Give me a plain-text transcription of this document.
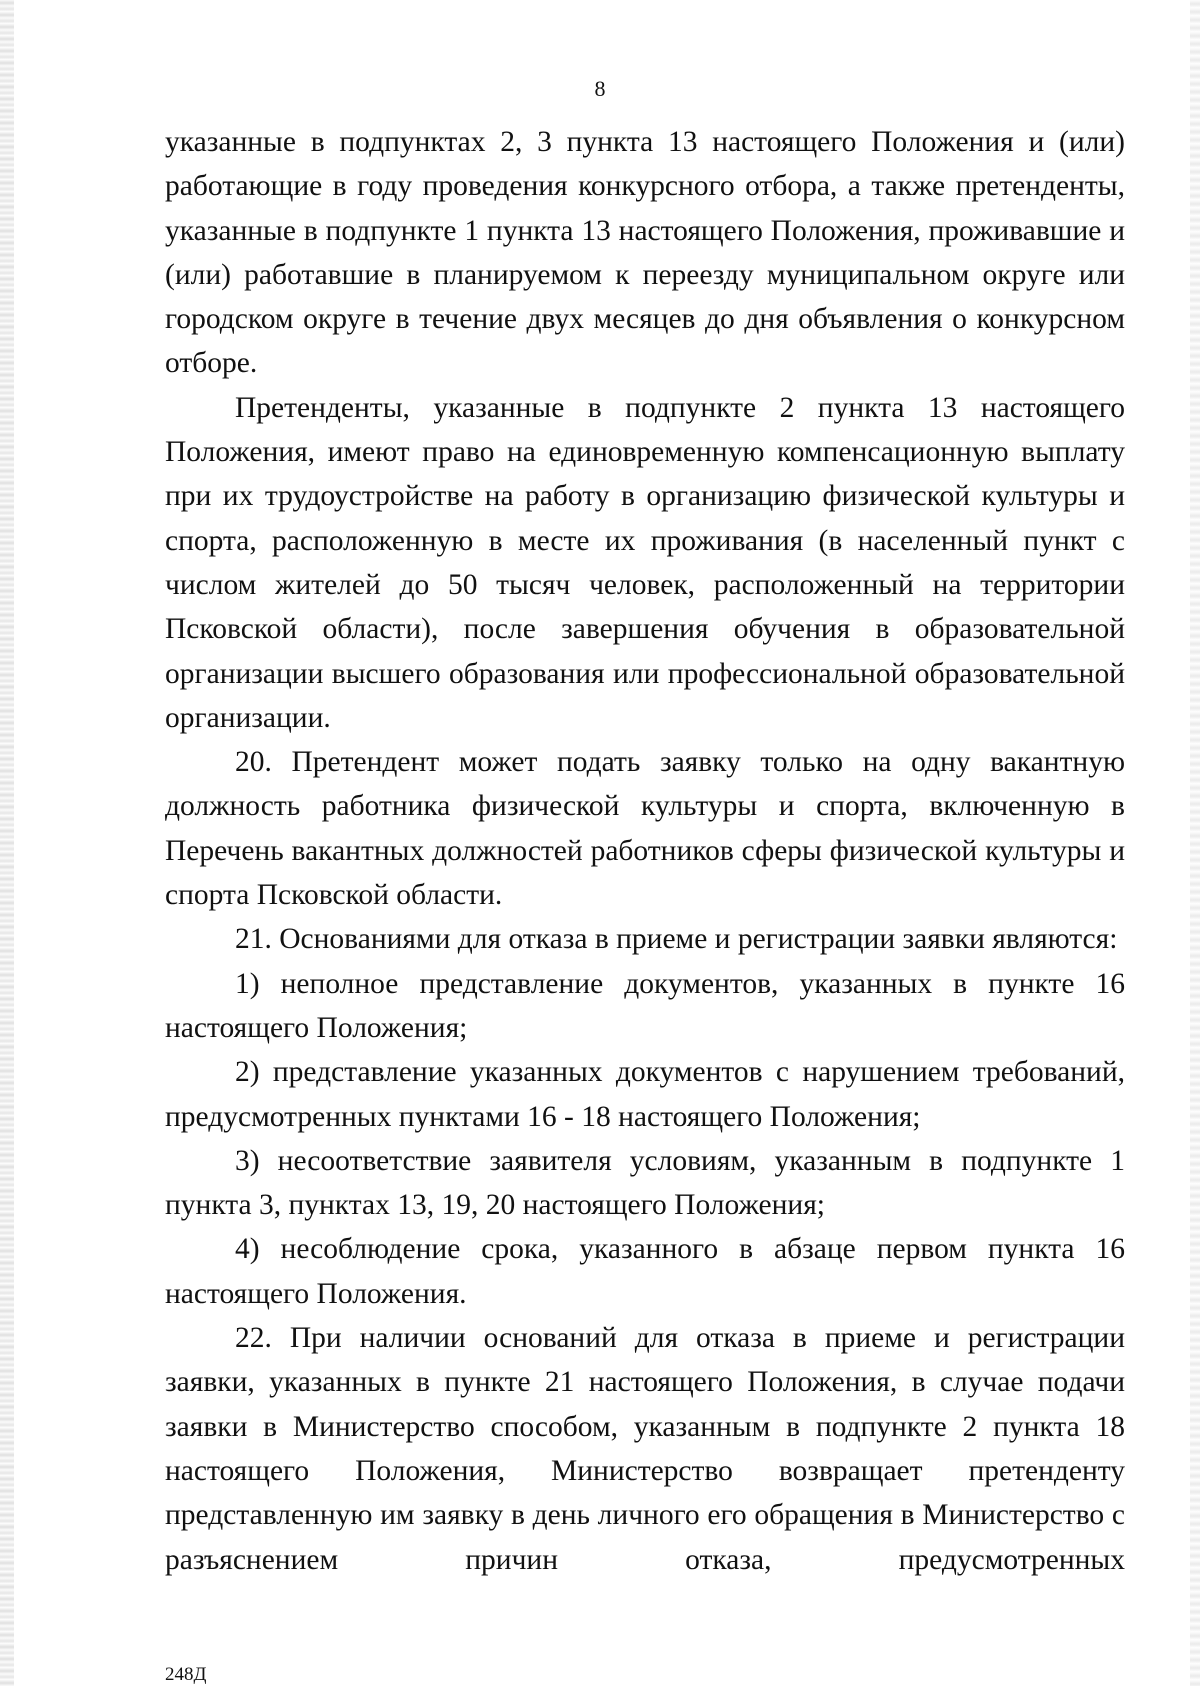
8

указанные в подпунктах 2, 3 пункта 13 настоящего Положения и (или) работающие в году проведения конкурсного отбора, а также претенденты, указанные в подпункте 1 пункта 13 настоящего Положения, проживавшие и (или) работавшие в планируемом к переезду муниципальном округе или городском округе в течение двух месяцев до дня объявления о конкурсном отборе.

Претенденты, указанные в подпункте 2 пункта 13 настоящего Положения, имеют право на единовременную компенсационную выплату при их трудоустройстве на работу в организацию физической культуры и спорта, расположенную в месте их проживания (в населенный пункт с числом жителей до 50 тысяч человек, расположенный на территории Псковской области), после завершения обучения в образовательной организации высшего образования или профессиональной образовательной организации.

20. Претендент может подать заявку только на одну вакантную должность работника физической культуры и спорта, включенную в Перечень вакантных должностей работников сферы физической культуры и спорта Псковской области.

21. Основаниями для отказа в приеме и регистрации заявки являются:

1) неполное представление документов, указанных в пункте 16 настоящего Положения;

2) представление указанных документов с нарушением требований, предусмотренных пунктами 16 - 18 настоящего Положения;

3) несоответствие заявителя условиям, указанным в подпункте 1 пункта 3, пунктах 13, 19, 20 настоящего Положения;

4) несоблюдение срока, указанного в абзаце первом пункта 16 настоящего Положения.

22. При наличии оснований для отказа в приеме и регистрации заявки, указанных в пункте 21 настоящего Положения, в случае подачи заявки в Министерство способом, указанным в подпункте 2 пункта 18 настоящего Положения, Министерство возвращает претенденту представленную им заявку в день личного его обращения в Министерство с разъяснением причин отказа, предусмотренных

248Д
